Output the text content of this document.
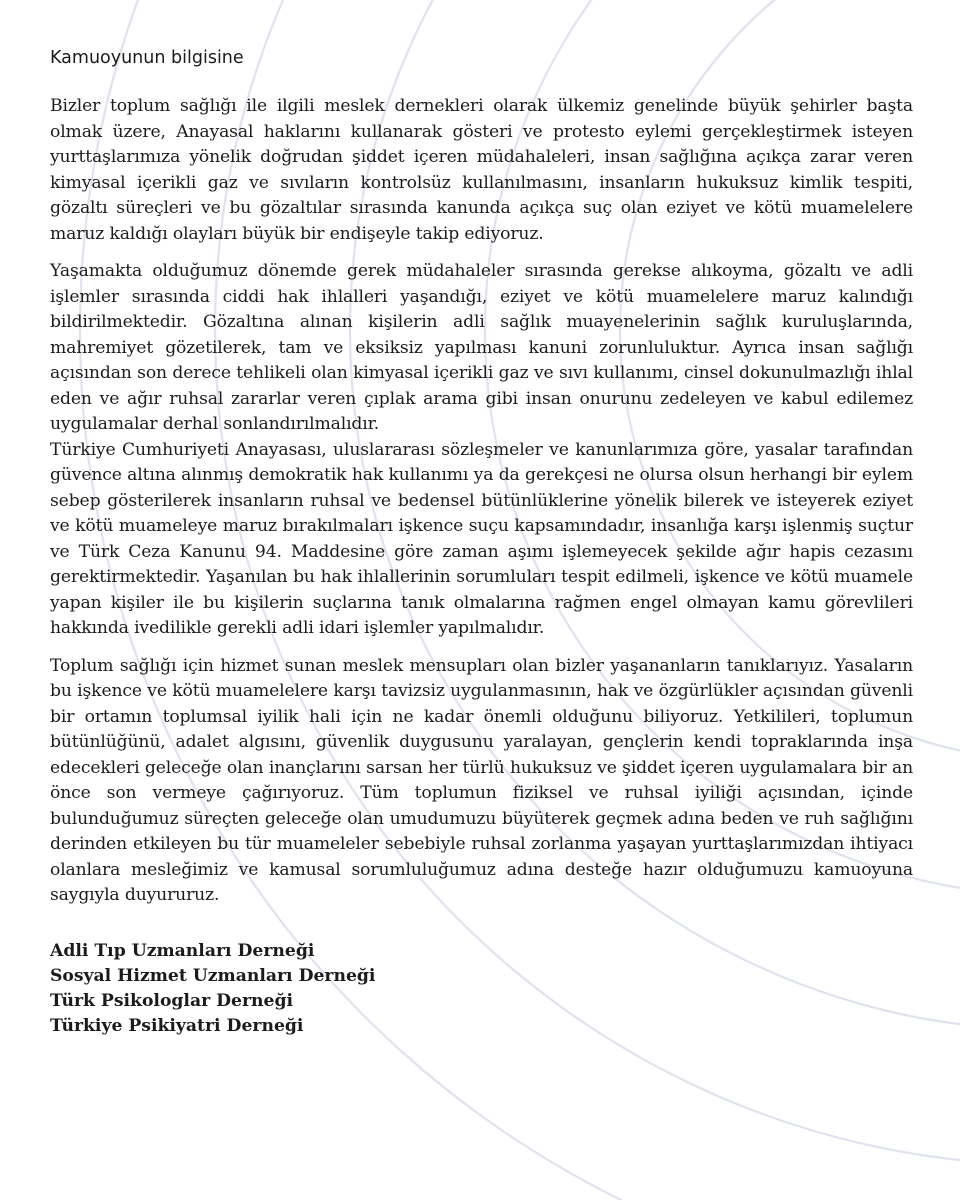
Kamuoyunun bilgisine

Bizler toplum sağlığı ile ilgili meslek dernekleri olarak ülkemiz genelinde büyük şehirler başta olmak üzere, Anayasal haklarını kullanarak gösteri ve protesto eylemi gerçekleştirmek isteyen yurttaşlarımıza yönelik doğrudan şiddet içeren müdahaleleri, insan sağlığına açıkça zarar veren kimyasal içerikli gaz ve sıvıların kontrolsüz kullanılmasını, insanların hukuksuz kimlik tespiti, gözaltı süreçleri ve bu gözaltılar sırasında kanunda açıkça suç olan eziyet ve kötü muamelelere maruz kaldığı olayları büyük bir endişeyle takip ediyoruz.

Yaşamakta olduğumuz dönemde gerek müdahaleler sırasında gerekse alıkoyma, gözaltı ve adli işlemler sırasında ciddi hak ihlalleri yaşandığı, eziyet ve kötü muamelelere maruz kalındığı bildirilmektedir. Gözaltına alınan kişilerin adli sağlık muayenelerinin sağlık kuruluşlarında, mahremiyet gözetilerek, tam ve eksiksiz yapılması kanuni zorunluluktur. Ayrıca insan sağlığı açısından son derece tehlikeli olan kimyasal içerikli gaz ve sıvı kullanımı, cinsel dokunulmazlığı ihlal eden ve ağır ruhsal zararlar veren çıplak arama gibi insan onurunu zedeleyen ve kabul edilemez uygulamalar derhal sonlandırılmalıdır.

Türkiye Cumhuriyeti Anayasası, uluslararası sözleşmeler ve kanunlarımıza göre, yasalar tarafından güvence altına alınmış demokratik hak kullanımı ya da gerekçesi ne olursa olsun herhangi bir eylem sebep gösterilerek insanların ruhsal ve bedensel bütünlüklerine yönelik bilerek ve isteyerek eziyet ve kötü muameleye maruz bırakılmaları işkence suçu kapsamındadır, insanlığa karşı işlenmiş suçtur ve Türk Ceza Kanunu 94. Maddesine göre zaman aşımı işlemeyecek şekilde ağır hapis cezasını gerektirmektedir. Yaşanılan bu hak ihlallerinin sorumluları tespit edilmeli, işkence ve kötü muamele yapan kişiler ile bu kişilerin suçlarına tanık olmalarına rağmen engel olmayan kamu görevlileri hakkında ivedilikle gerekli adli idari işlemler yapılmalıdır.

Toplum sağlığı için hizmet sunan meslek mensupları olan bizler yaşananların tanıklarıyız. Yasaların bu işkence ve kötü muamelelere karşı tavizsiz uygulanmasının, hak ve özgürlükler açısından güvenli bir ortamın toplumsal iyilik hali için ne kadar önemli olduğunu biliyoruz. Yetkilileri, toplumun bütünlüğünü, adalet algısını, güvenlik duygusunu yaralayan, gençlerin kendi topraklarında inşa edecekleri geleceğe olan inançlarını sarsan her türlü hukuksuz ve şiddet içeren uygulamalara bir an önce son vermeye çağırıyoruz. Tüm toplumun fiziksel ve ruhsal iyiliği açısından, içinde bulunduğumuz süreçten geleceğe olan umudumuzu büyüterek geçmek adına beden ve ruh sağlığını derinden etkileyen bu tür muameleler sebebiyle ruhsal zorlanma yaşayan yurttaşlarımızdan ihtiyacı olanlara mesleğimiz ve kamusal sorumluluğumuz adına desteğe hazır olduğumuzu kamuoyuna saygıyla duyururuz.

Adli Tıp Uzmanları Derneği
Sosyal Hizmet Uzmanları Derneği
Türk Psikologlar Derneği
Türkiye Psikiyatri Derneği
